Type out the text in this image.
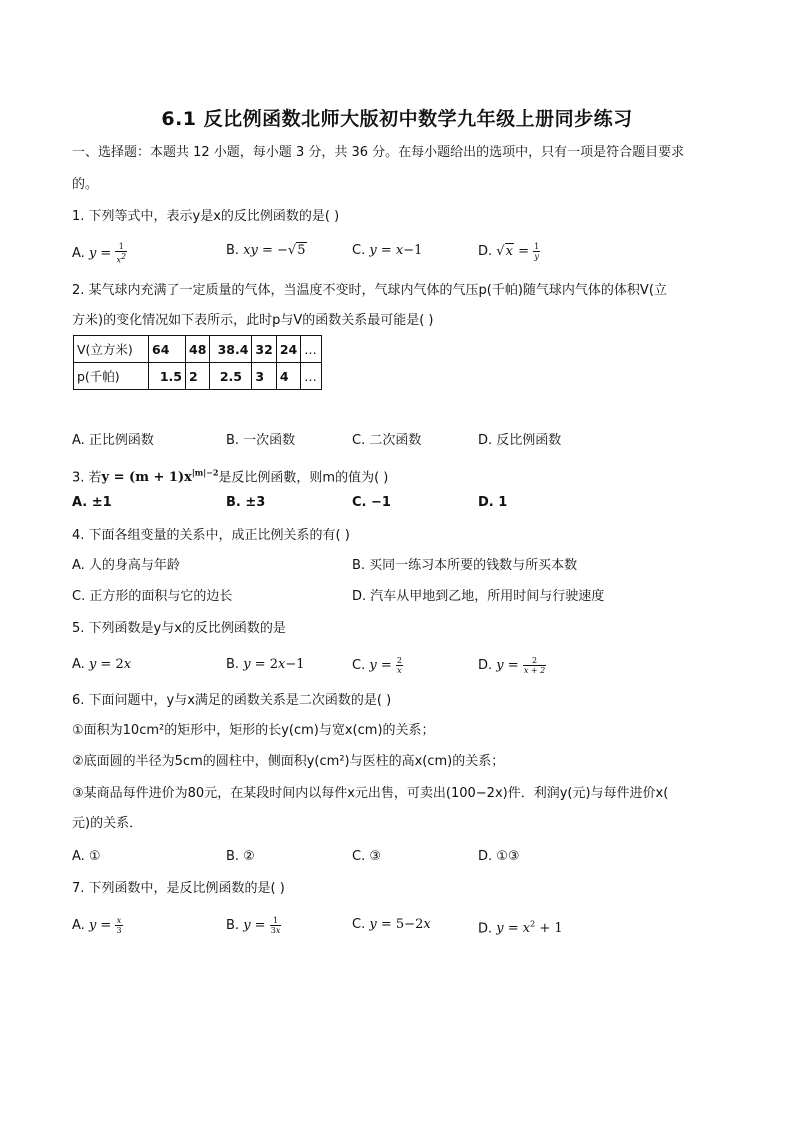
6.1 反比例函数北师大版初中数学九年级上册同步练习
一、选择题：本题共 12 小题，每小题 3 分，共 36 分。在每小题给出的选项中，只有一项是符合题目要求
的。
1. 下列等式中，表示y是x的反比例函数的是( )
A. $y = \frac{1}{x^2}$	B. xy = −√5	C. y = x−1	D. $√x = \frac{1}{y}$
2. 某气球内充满了一定质量的气体，当温度不变时，气球内气体的气压p(千帕)随气球内气体的体积V(立
方米)的变化情况如下表所示，此时p与V的函数关系最可能是( )
V(立方米)	64	48	38.4	32	24	…
p(千帕)	1.5	2	2.5	3	4	…
A. 正比例函数	B. 一次函数	C. 二次函数	D. 反比例函数
3. 若$y = (m + 1)x^{|m|-2}$是反比例函數，则m的值为( )
A. ±1	B. ±3	C. −1	D. 1
4. 下面各组变量的关系中，成正比例关系的有( )
A. 人的身高与年龄	B. 买同一练习本所要的钱数与所买本数
C. 正方形的面积与它的边长	D. 汽车从甲地到乙地，所用时间与行驶速度
5. 下列函数是y与x的反比例函数的是
A. y = 2x	B. y = 2x−1	C. $y = \frac{2}{x}$	D. $y = \frac{2}{x + 2}$
6. 下面问题中，y与x满足的函数关系是二次函数的是( )
①面积为10cm²的矩形中，矩形的长y(cm)与宽x(cm)的关系；
②底面圆的半径为5cm的圆柱中，侧面积y(cm²)与医柱的高x(cm)的关系；
③某商品每件进价为80元，在某段时间内以每件x元出售，可卖出(100−2x)件．利润y(元)与每件进价x(
元)的关系．
A. ①	B. ②	C. ③	D. ①③
7. 下列函数中，是反比例函数的是( )
A. $y = \frac{x}{3}$	B. $y = \frac{1}{3x}$	C. y = 5−2x	D. $y = x^2 + 1$
